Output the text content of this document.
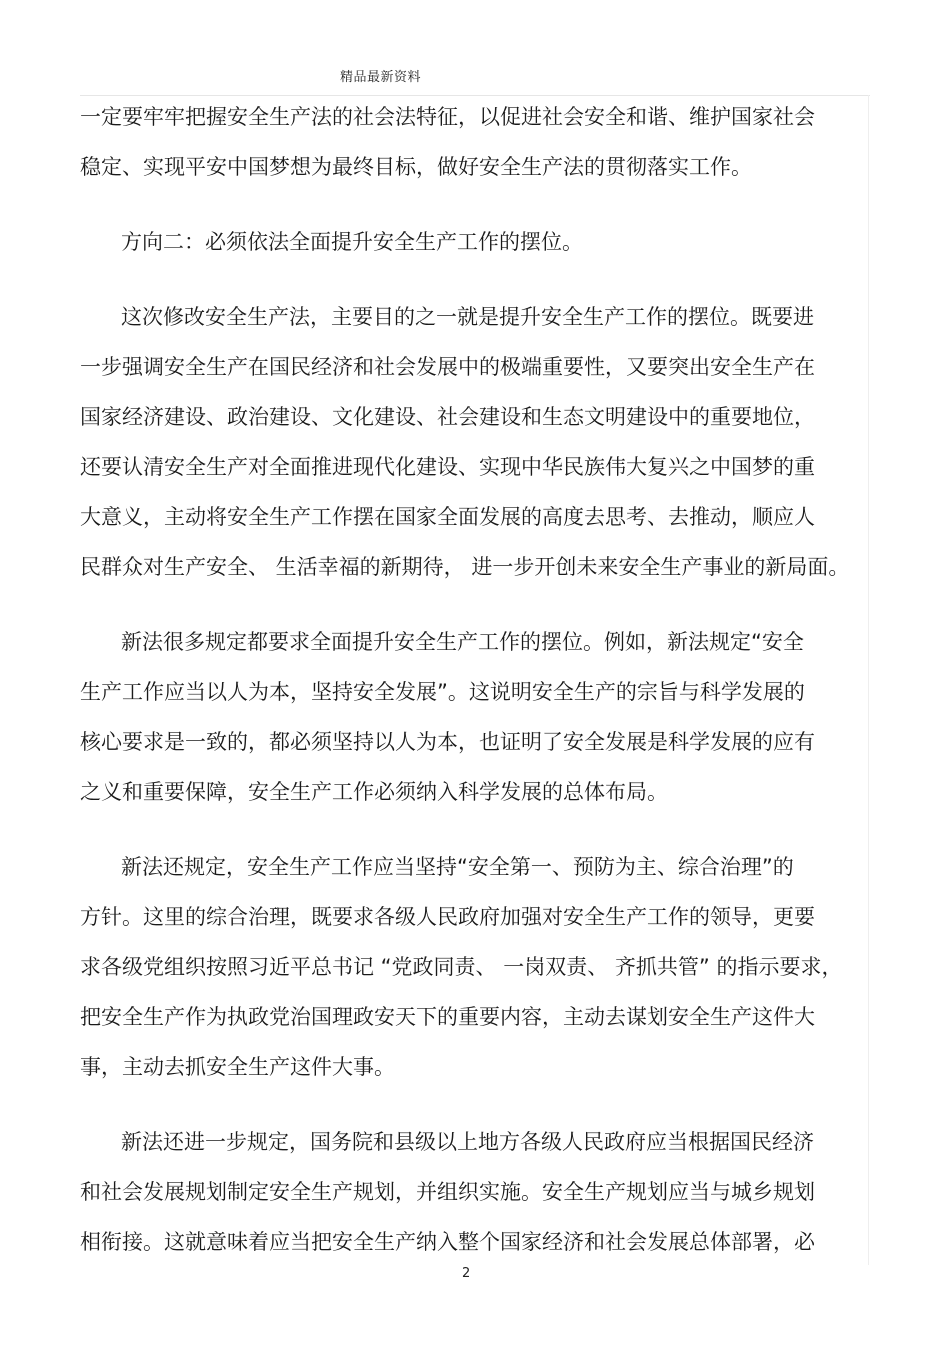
精品最新资料
一定要牢牢把握安全生产法的社会法特征，以促进社会安全和谐、维护国家社会
稳定、实现平安中国梦想为最终目标，做好安全生产法的贯彻落实工作。
方向二：必须依法全面提升安全生产工作的摆位。
这次修改安全生产法，主要目的之一就是提升安全生产工作的摆位。既要进
一步强调安全生产在国民经济和社会发展中的极端重要性，又要突出安全生产在
国家经济建设、政治建设、文化建设、社会建设和生态文明建设中的重要地位，
还要认清安全生产对全面推进现代化建设、实现中华民族伟大复兴之中国梦的重
大意义，主动将安全生产工作摆在国家全面发展的高度去思考、去推动，顺应人
民群众对生产安全、 生活幸福的新期待， 进一步开创未来安全生产事业的新局面。
新法很多规定都要求全面提升安全生产工作的摆位。例如，新法规定“安全
生产工作应当以人为本，坚持安全发展”。这说明安全生产的宗旨与科学发展的
核心要求是一致的，都必须坚持以人为本，也证明了安全发展是科学发展的应有
之义和重要保障，安全生产工作必须纳入科学发展的总体布局。
新法还规定，安全生产工作应当坚持“安全第一、预防为主、综合治理”的
方针。这里的综合治理，既要求各级人民政府加强对安全生产工作的领导，更要
求各级党组织按照习近平总书记 “党政同责、 一岗双责、 齐抓共管” 的指示要求，
把安全生产作为执政党治国理政安天下的重要内容，主动去谋划安全生产这件大
事，主动去抓安全生产这件大事。
新法还进一步规定，国务院和县级以上地方各级人民政府应当根据国民经济
和社会发展规划制定安全生产规划，并组织实施。安全生产规划应当与城乡规划
相衔接。这就意味着应当把安全生产纳入整个国家经济和社会发展总体部署，必
2
